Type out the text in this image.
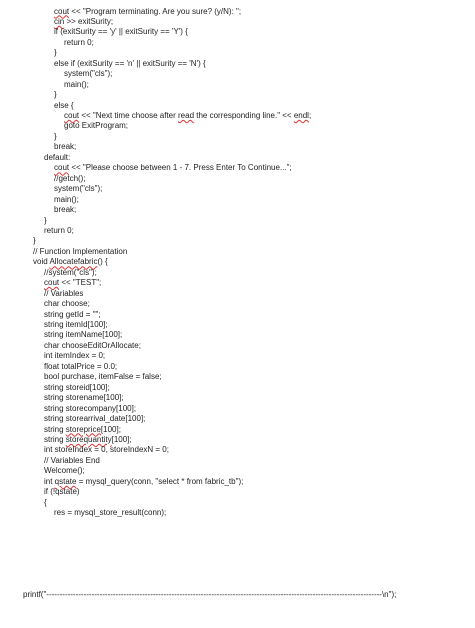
cout << "Program terminating. Are you sure? (y/N): ";
cin >> exitSurity;
if (exitSurity == 'y' || exitSurity == 'Y') {
return 0;
}
else if (exitSurity == 'n' || exitSurity == 'N') {
system("cls");
main();
}
else {
cout << "Next time choose after read the corresponding line." << endl;
goto ExitProgram;
}
break;
default:
cout << "Please choose between 1 - 7. Press Enter To Continue...";
//getch();
system("cls");
main();
break;
}
return 0;
}
// Function Implementation
void Allocatefabric() {
//system("cls");
cout << "TEST";
// Variables
char choose;
string getId = "";
string itemId[100];
string itemName[100];
char chooseEditOrAllocate;
int itemIndex = 0;
float totalPrice = 0.0;
bool purchase, itemFalse = false;
string storeid[100];
string storename[100];
string storecompany[100];
string storearrival_date[100];
string storeprice[100];
string storequantity[100];
int storeIndex = 0, storeIndexN = 0;
// Variables End
Welcome();
int qstate = mysql_query(conn, "select * from fabric_tb");
if (!qstate)
{
res = mysql_store_result(conn);
printf("------------------------------------------------------------------------------------------------------------------------------\n");
